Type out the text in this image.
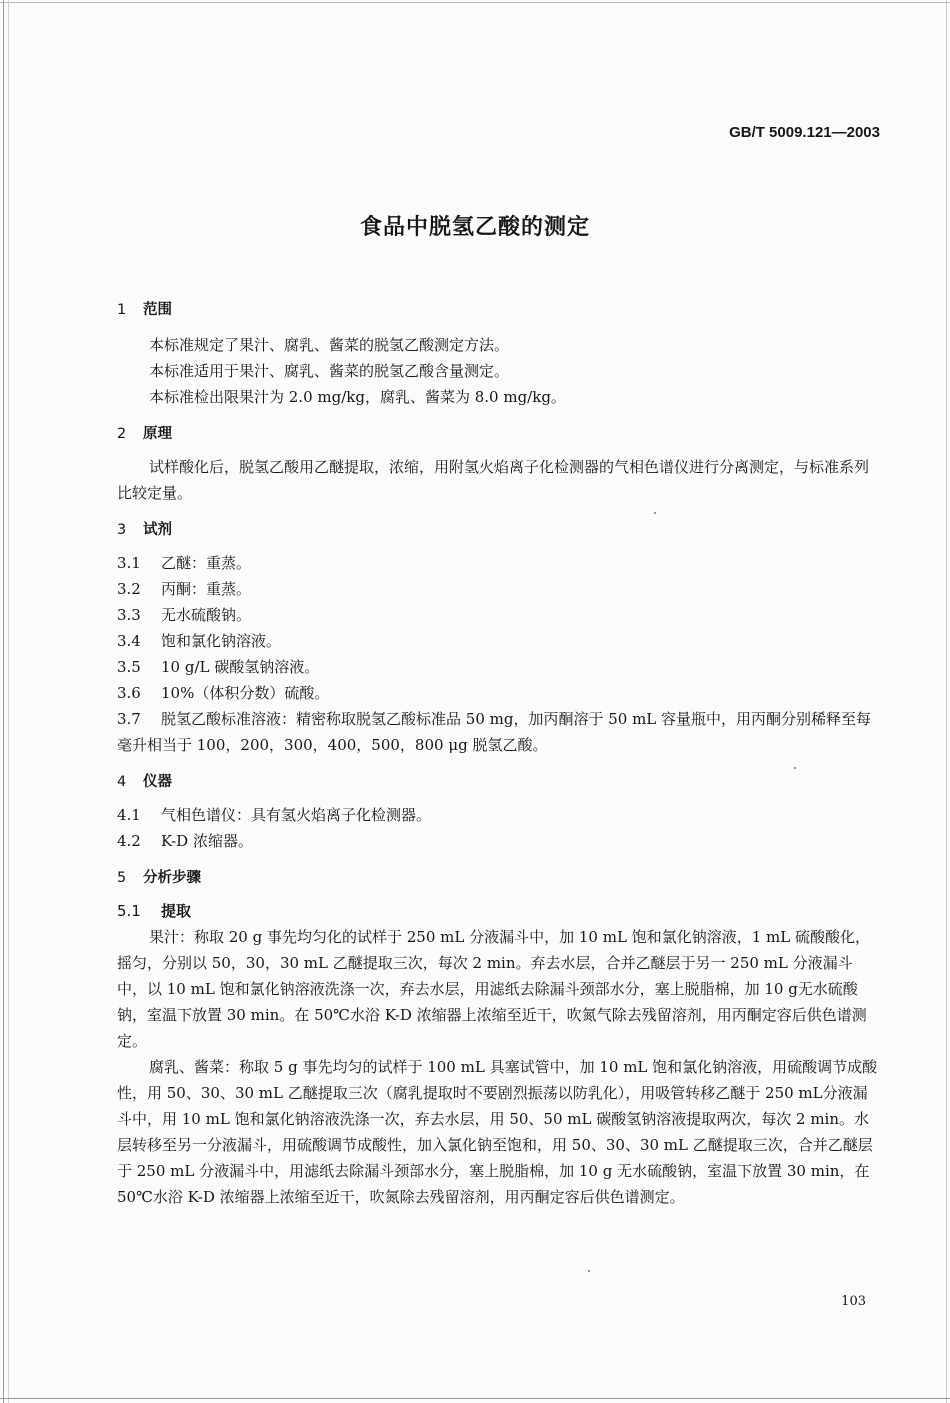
GB/T 5009.121—2003
食品中脱氢乙酸的测定
1 范围

本标准规定了果汁、腐乳、酱菜的脱氢乙酸测定方法。

本标准适用于果汁、腐乳、酱菜的脱氢乙酸含量测定。

本标准检出限果汁为 2.0 mg/kg，腐乳、酱菜为 8.0 mg/kg。

2 原理

试样酸化后，脱氢乙酸用乙醚提取，浓缩，用附氢火焰离子化检测器的气相色谱仪进行分离测定，与标准系列比较定量。

3 试剂
3.1 乙醚：重蒸。
3.2 丙酮：重蒸。
3.3 无水硫酸钠。
3.4 饱和氯化钠溶液。
3.5 10 g/L 碳酸氢钠溶液。
3.6 10%（体积分数）硫酸。
3.7 脱氢乙酸标准溶液：精密称取脱氢乙酸标准品 50 mg，加丙酮溶于 50 mL 容量瓶中，用丙酮分别稀释至每毫升相当于 100，200，300，400，500，800 μg 脱氢乙酸。
4 仪器
4.1 气相色谱仪：具有氢火焰离子化检测器。
4.2 K-D 浓缩器。
5 分析步骤
5.1 提取

果汁：称取 20 g 事先均匀化的试样于 250 mL 分液漏斗中，加 10 mL 饱和氯化钠溶液，1 mL 硫酸酸化，摇匀，分别以 50，30，30 mL 乙醚提取三次，每次 2 min。弃去水层，合并乙醚层于另一 250 mL 分液漏斗中，以 10 mL 饱和氯化钠溶液洗涤一次，弃去水层，用滤纸去除漏斗颈部水分，塞上脱脂棉，加 10 g无水硫酸钠，室温下放置 30 min。在 50℃水浴 K-D 浓缩器上浓缩至近干，吹氮气除去残留溶剂，用丙酮定容后供色谱测定。

腐乳、酱菜：称取 5 g 事先均匀的试样于 100 mL 具塞试管中，加 10 mL 饱和氯化钠溶液，用硫酸调节成酸性，用 50、30、30 mL 乙醚提取三次（腐乳提取时不要剧烈振荡以防乳化），用吸管转移乙醚于 250 mL分液漏斗中，用 10 mL 饱和氯化钠溶液洗涤一次，弃去水层，用 50、50 mL 碳酸氢钠溶液提取两次，每次 2 min。水层转移至另一分液漏斗，用硫酸调节成酸性，加入氯化钠至饱和，用 50、30、30 mL 乙醚提取三次，合并乙醚层于 250 mL 分液漏斗中，用滤纸去除漏斗颈部水分，塞上脱脂棉，加 10 g 无水硫酸钠，室温下放置 30 min，在 50℃水浴 K-D 浓缩器上浓缩至近干，吹氮除去残留溶剂，用丙酮定容后供色谱测定。

103
